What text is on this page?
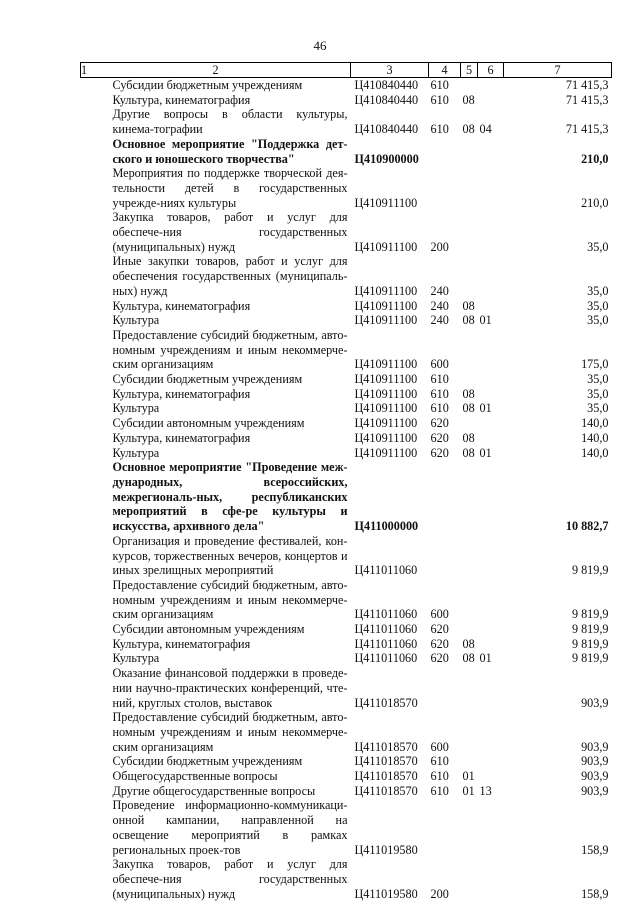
46
1	2	3	4	5	6	7
	Субсидии бюджетным учреждениям	Ц410840440	610			71 415,3
	Культура, кинематография	Ц410840440	610	08		71 415,3
	Другие вопросы в области культуры, кинема-тографии	Ц410840440	610	08	04	71 415,3
	Основное мероприятие "Поддержка дет-ского и юношеского творчества"	Ц410900000				210,0
	Мероприятия по поддержке творческой дея-тельности детей в государственных учрежде-ниях культуры	Ц410911100				210,0
	Закупка товаров, работ и услуг для обеспече-ния государственных (муниципальных) нужд	Ц410911100	200			35,0
	Иные закупки товаров, работ и услуг для обеспечения государственных (муниципаль-ных) нужд	Ц410911100	240			35,0
	Культура, кинематография	Ц410911100	240	08		35,0
	Культура	Ц410911100	240	08	01	35,0
	Предоставление субсидий бюджетным, авто-номным учреждениям и иным некоммерче-ским организациям	Ц410911100	600			175,0
	Субсидии бюджетным учреждениям	Ц410911100	610			35,0
	Культура, кинематография	Ц410911100	610	08		35,0
	Культура	Ц410911100	610	08	01	35,0
	Субсидии автономным учреждениям	Ц410911100	620			140,0
	Культура, кинематография	Ц410911100	620	08		140,0
	Культура	Ц410911100	620	08	01	140,0
	Основное мероприятие "Проведение меж-дународных, всероссийских, межрегиональ-ных, республиканских мероприятий в сфе-ре культуры и искусства, архивного дела"	Ц411000000				10 882,7
	Организация и проведение фестивалей, кон-курсов, торжественных вечеров, концертов и иных зрелищных мероприятий	Ц411011060				9 819,9
	Предоставление субсидий бюджетным, авто-номным учреждениям и иным некоммерче-ским организациям	Ц411011060	600			9 819,9
	Субсидии автономным учреждениям	Ц411011060	620			9 819,9
	Культура, кинематография	Ц411011060	620	08		9 819,9
	Культура	Ц411011060	620	08	01	9 819,9
	Оказание финансовой поддержки в проведе-нии научно-практических конференций, чте-ний, круглых столов, выставок	Ц411018570				903,9
	Предоставление субсидий бюджетным, авто-номным учреждениям и иным некоммерче-ским организациям	Ц411018570	600			903,9
	Субсидии бюджетным учреждениям	Ц411018570	610			903,9
	Общегосударственные вопросы	Ц411018570	610	01		903,9
	Другие общегосударственные вопросы	Ц411018570	610	01	13	903,9
	Проведение информационно-коммуникаци-онной кампании, направленной на освещение мероприятий в рамках региональных проек-тов	Ц411019580				158,9
	Закупка товаров, работ и услуг для обеспече-ния государственных (муниципальных) нужд	Ц411019580	200			158,9
